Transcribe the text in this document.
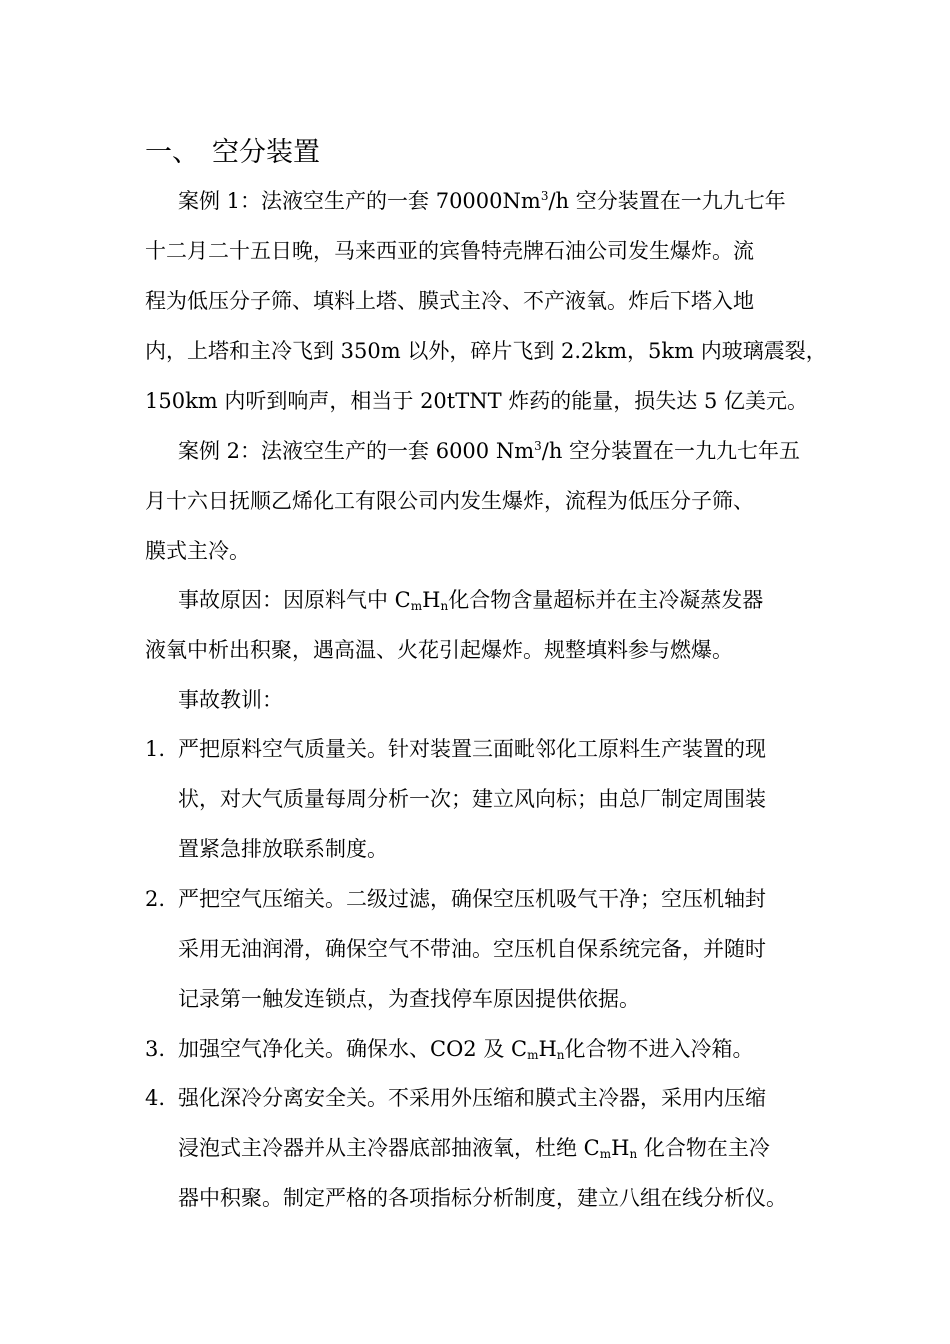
一、 空分装置
案例 1：法液空生产的一套 70000Nm$^3$/h 空分装置在一九九七年
十二月二十五日晚，马来西亚的宾鲁特壳牌石油公司发生爆炸。流
程为低压分子筛、填料上塔、膜式主冷、不产液氧。炸后下塔入地
内，上塔和主冷飞到 350m 以外，碎片飞到 2.2km，5km 内玻璃震裂，
150km 内听到响声，相当于 20tTNT 炸药的能量，损失达 5 亿美元。
案例 2：法液空生产的一套 6000 Nm$^3$/h 空分装置在一九九七年五
月十六日抚顺乙烯化工有限公司内发生爆炸，流程为低压分子筛、
膜式主冷。
事故原因：因原料气中 $C_mH_n$化合物含量超标并在主冷凝蒸发器
液氧中析出积聚，遇高温、火花引起爆炸。规整填料参与燃爆。
事故教训：
1. 严把原料空气质量关。针对装置三面毗邻化工原料生产装置的现
状，对大气质量每周分析一次；建立风向标；由总厂制定周围装
置紧急排放联系制度。
2. 严把空气压缩关。二级过滤，确保空压机吸气干净；空压机轴封
采用无油润滑，确保空气不带油。空压机自保系统完备，并随时
记录第一触发连锁点，为查找停车原因提供依据。
3. 加强空气净化关。确保水、CO2 及 $C_mH_n$化合物不进入冷箱。
4. 强化深冷分离安全关。不采用外压缩和膜式主冷器，采用内压缩
浸泡式主冷器并从主冷器底部抽液氧，杜绝 $C_mH_n$ 化合物在主冷
器中积聚。制定严格的各项指标分析制度，建立八组在线分析仪。
